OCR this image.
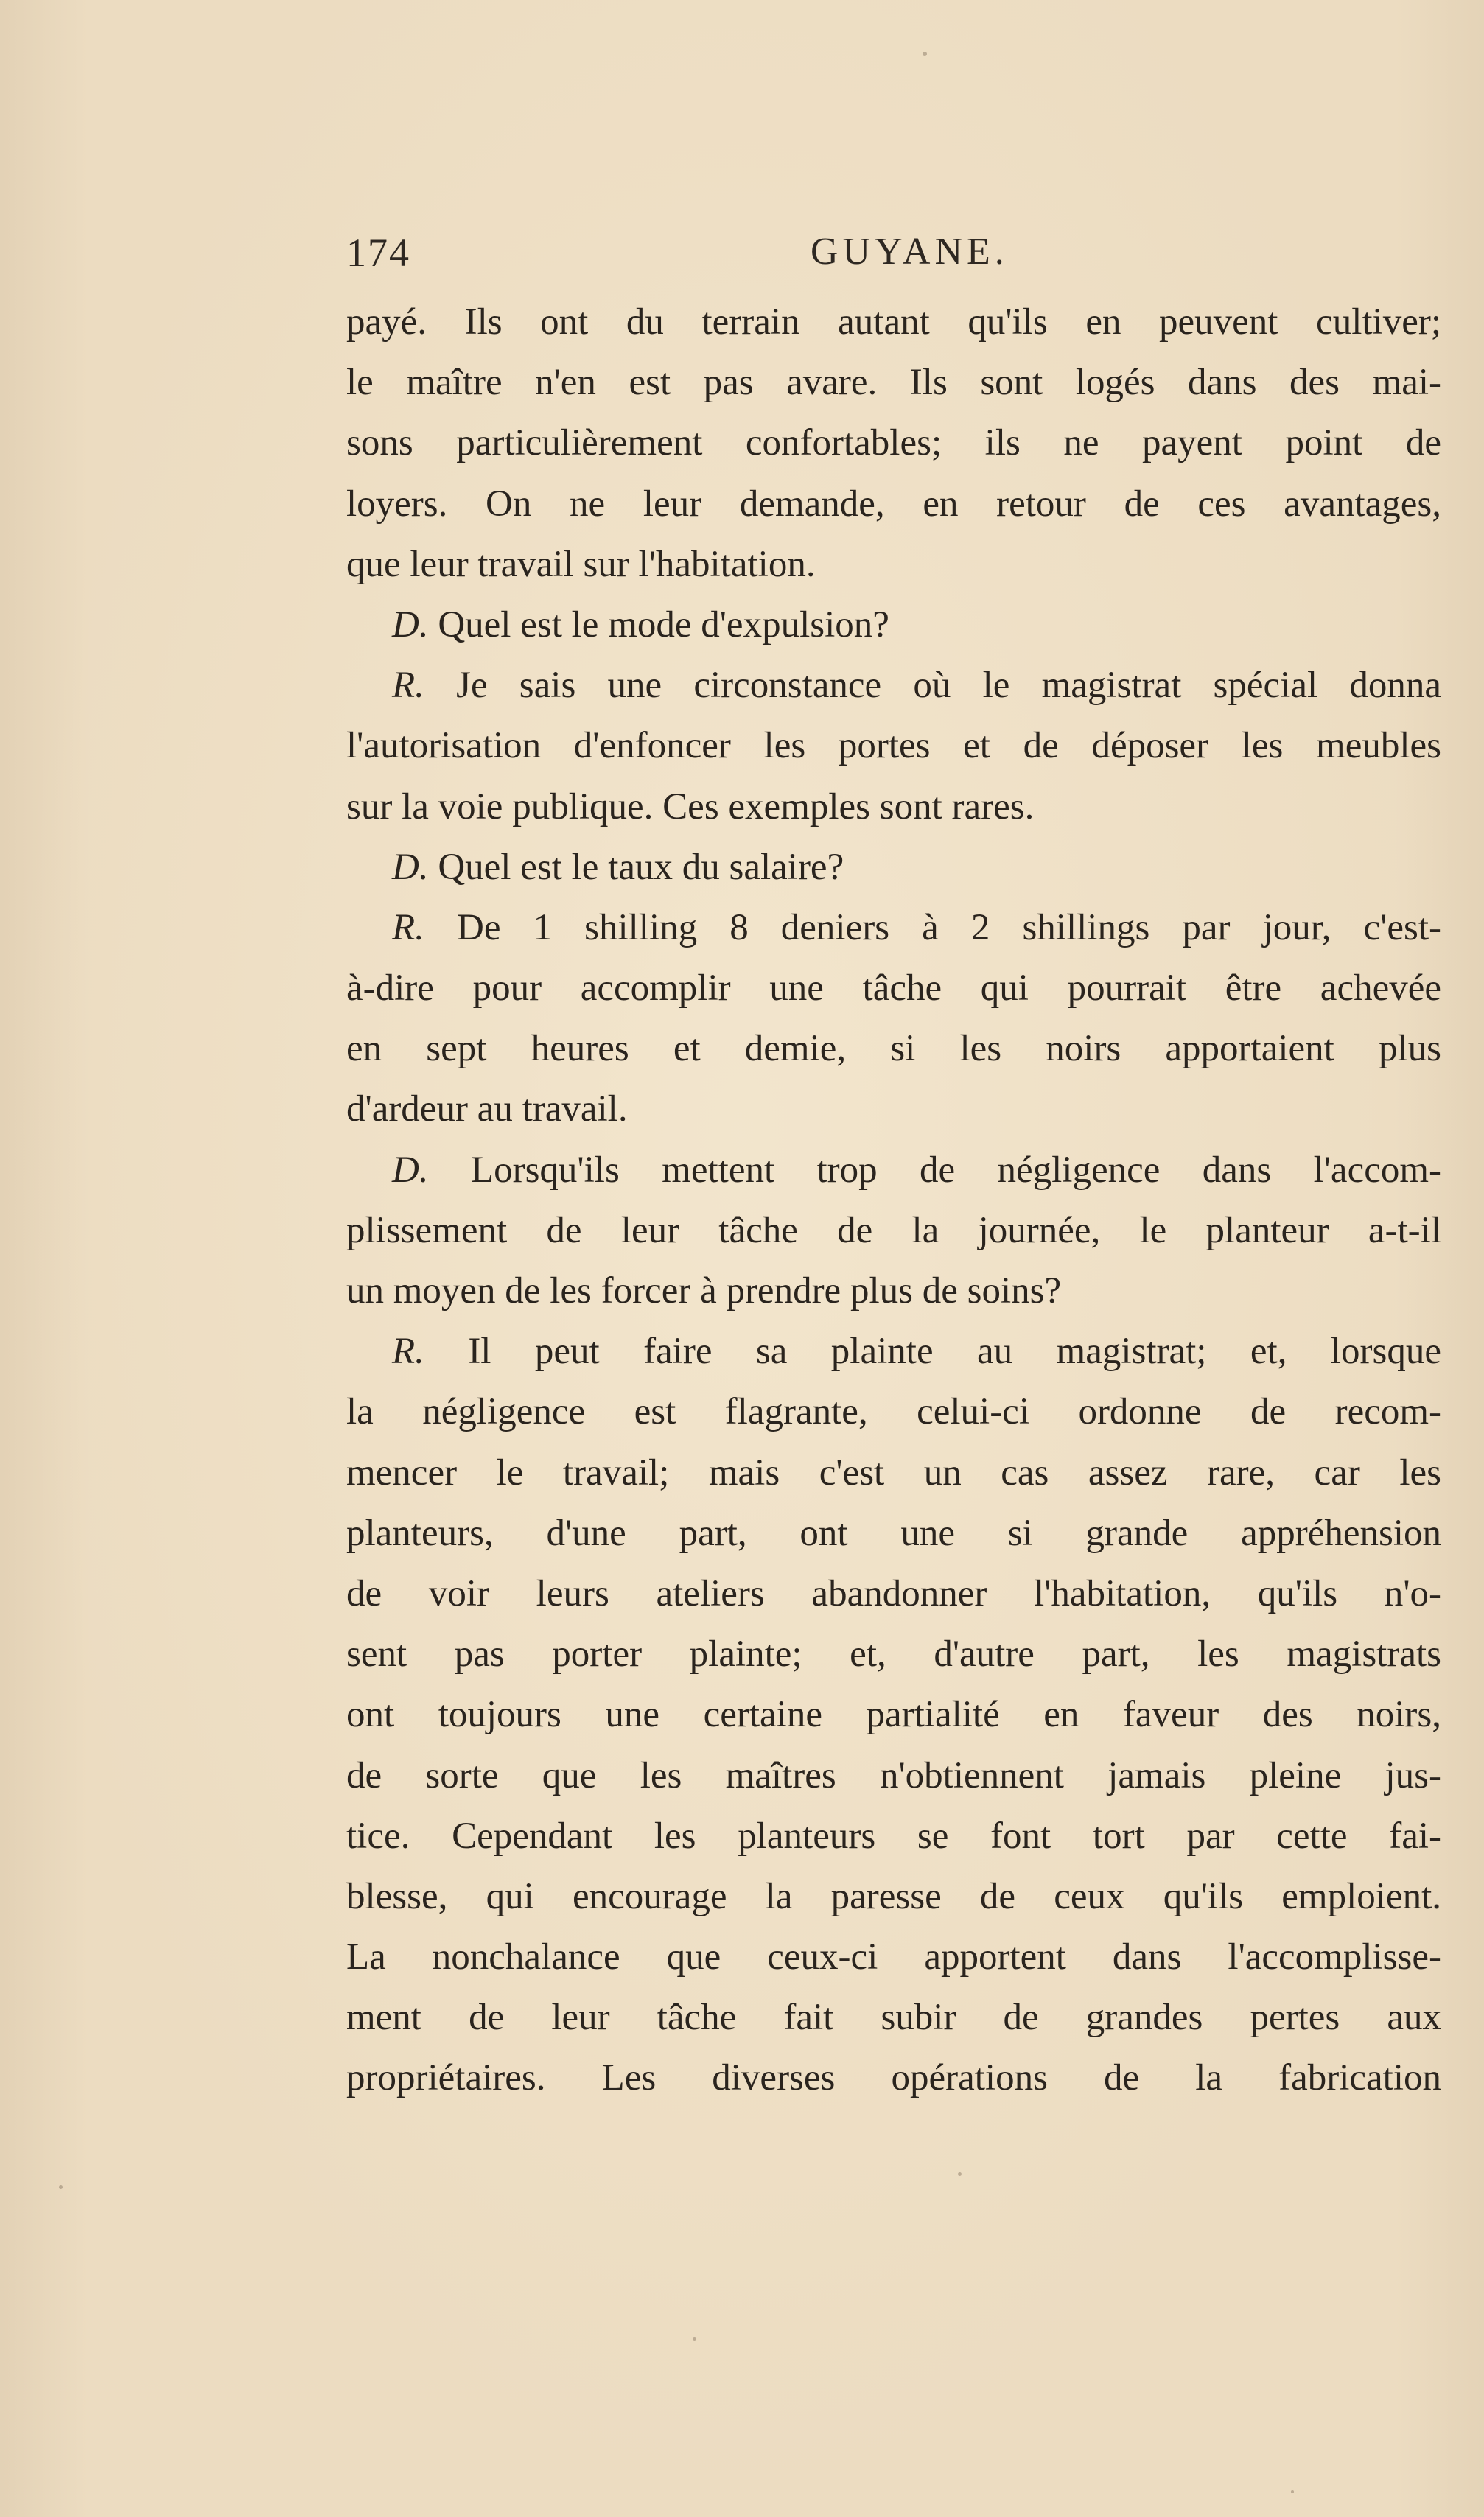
174	GUYANE.
payé. Ils ont du terrain autant qu'ils en peuvent cultiver;
le maître n'en est pas avare. Ils sont logés dans des mai-
sons particulièrement confortables; ils ne payent point de
loyers. On ne leur demande, en retour de ces avantages,
que leur travail sur l'habitation.
D. Quel est le mode d'expulsion?
R. Je sais une circonstance où le magistrat spécial donna
l'autorisation d'enfoncer les portes et de déposer les meubles
sur la voie publique. Ces exemples sont rares.
D. Quel est le taux du salaire?
R. De 1 shilling 8 deniers à 2 shillings par jour, c'est-
à-dire pour accomplir une tâche qui pourrait être achevée
en sept heures et demie, si les noirs apportaient plus
d'ardeur au travail.
D. Lorsqu'ils mettent trop de négligence dans l'accom-
plissement de leur tâche de la journée, le planteur a-t-il
un moyen de les forcer à prendre plus de soins?
R. Il peut faire sa plainte au magistrat; et, lorsque
la négligence est flagrante, celui-ci ordonne de recom-
mencer le travail; mais c'est un cas assez rare, car les
planteurs, d'une part, ont une si grande appréhension
de voir leurs ateliers abandonner l'habitation, qu'ils n'o-
sent pas porter plainte; et, d'autre part, les magistrats
ont toujours une certaine partialité en faveur des noirs,
de sorte que les maîtres n'obtiennent jamais pleine jus-
tice. Cependant les planteurs se font tort par cette fai-
blesse, qui encourage la paresse de ceux qu'ils emploient.
La nonchalance que ceux-ci apportent dans l'accomplisse-
ment de leur tâche fait subir de grandes pertes aux
propriétaires. Les diverses opérations de la fabrication
